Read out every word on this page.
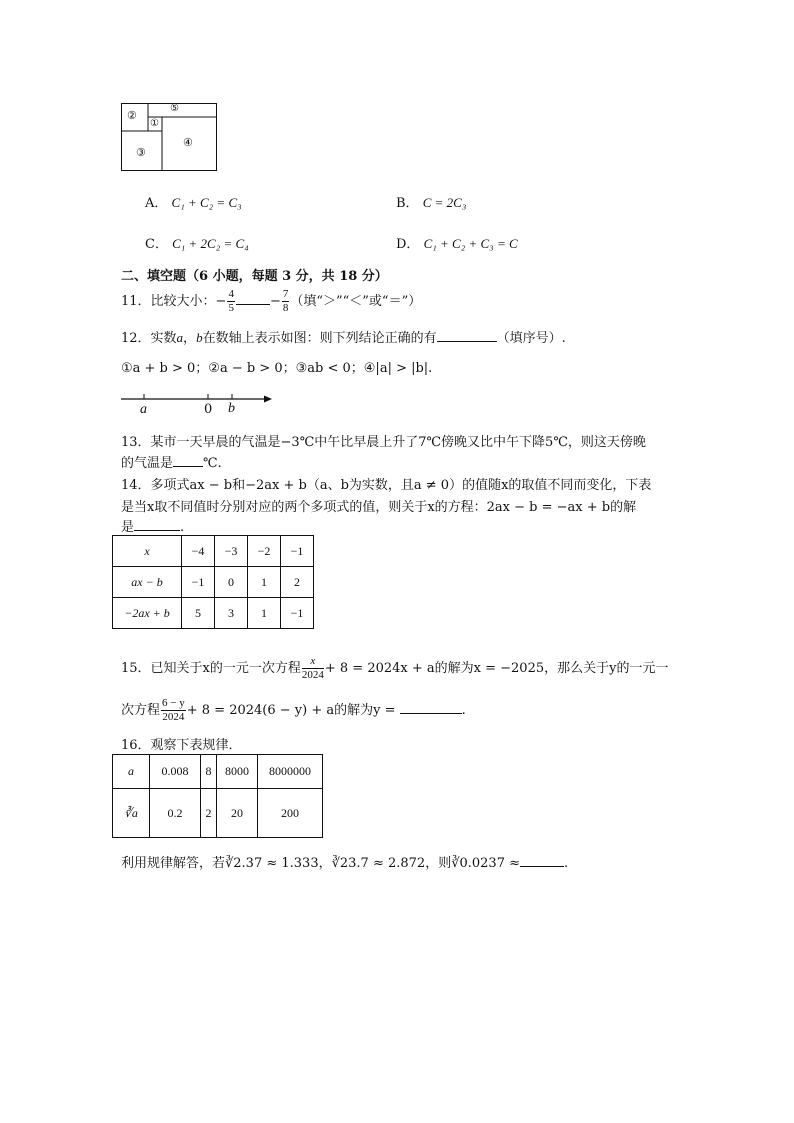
②
①
⑤
③
④
A． C₁ + C₂ = C₃	B． C = 2C₃
C． C₁ + 2C₂ = C₄	D． C₁ + C₂ + C₃ = C
二、填空题（6 小题，每题 3 分，共 18 分）
11．比较大小：− $\frac{4}{5}$	− $\frac{7}{8}$ （填“＞”“＜”或“＝”）
12．实数a，b在数轴上表示如图：则下列结论正确的有	（填序号）.
①a + b > 0；②a − b > 0；③ab < 0；④|a| > |b|.
a	0 b
13．某市一天早晨的气温是−3℃中午比早晨上升了7℃傍晚又比中午下降5℃，则这天傍晚
的气温是 ℃.
14．多项式ax − b和−2ax + b（a、b为实数，且a ≠ 0）的值随x的取值不同而变化，下表
是当x取不同值时分别对应的两个多项式的值，则关于x的方程：2ax − b = −ax + b的解
是	.
x	−4	−3	−2	−1
ax − b	−1	0	1	2
−2ax + b	5	3	1	−1
15．已知关于x的一元一次方程 $\frac{x}{2024} + 8 = 2024x + a$的解为x = −2025，那么关于y的一元一
次方程 $\frac{6 - y}{2024} + 8 = 2024(6 - y) + a$的解为y =	.
16．观察下表规律．
a	0.008	8	8000	8000000
∛a	0.2	2	20	200
利用规律解答，若∛2.37 ≈ 1.333，∛23.7 ≈ 2.872，则∛0.0237 ≈	.
